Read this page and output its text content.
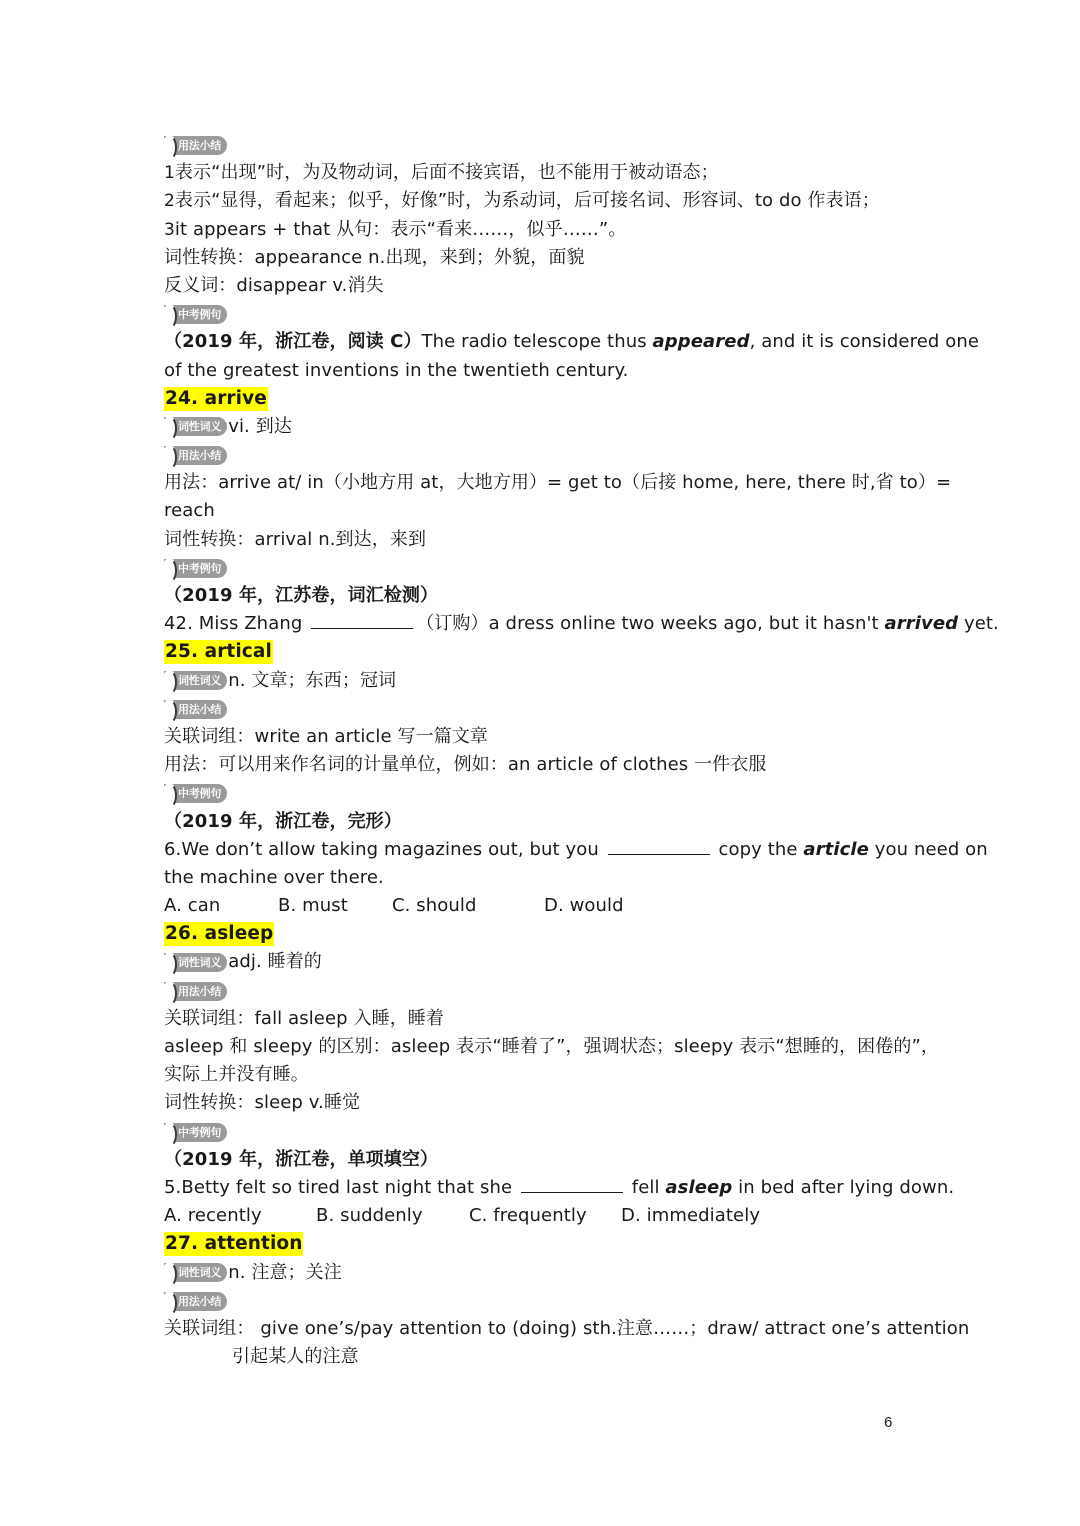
用法小结
1表示“出现”时，为及物动词，后面不接宾语，也不能用于被动语态；
2表示“显得，看起来；似乎，好像”时，为系动词，后可接名词、形容词、to do 作表语；
3it appears + that 从句：表示“看来……，似乎……”。
词性转换：appearance n.出现，来到；外貌，面貌
反义词：disappear v.消失
中考例句
（2019 年，浙江卷，阅读 C）The radio telescope thus appeared, and it is considered one
of the greatest inventions in the twentieth century.
24. arrive
词性词义 vi. 到达
用法小结
用法：arrive at/ in（小地方用 at，大地方用）= get to（后接 home, here, there 时,省 to）=
reach
词性转换：arrival n.到达，来到
中考例句
（2019 年，江苏卷，词汇检测）
42. Miss Zhang	（订购）a dress online two weeks ago, but it hasn't arrived yet.
25. artical
词性词义 n. 文章；东西；冠词
用法小结
关联词组：write an article 写一篇文章
用法：可以用来作名词的计量单位，例如：an article of clothes 一件衣服
中考例句
（2019 年，浙江卷，完形）
6.We don’t allow taking magazines out, but you	copy the article you need on
the machine over there.
A. can	B. must C. should	D. would
26. asleep
词性词义 adj. 睡着的
用法小结
关联词组：fall asleep 入睡，睡着
asleep 和 sleepy 的区别：asleep 表示“睡着了”，强调状态；sleepy 表示“想睡的，困倦的”，
实际上并没有睡。
词性转换：sleep v.睡觉
中考例句
（2019 年，浙江卷，单项填空）
5.Betty felt so tired last night that she	fell asleep in bed after lying down.
A. recently	B. suddenly	C. frequently D. immediately
27. attention
词性词义 n. 注意；关注
用法小结
关联词组： give one’s/pay attention to (doing) sth.注意……；draw/ attract one’s attention
引起某人的注意
6
